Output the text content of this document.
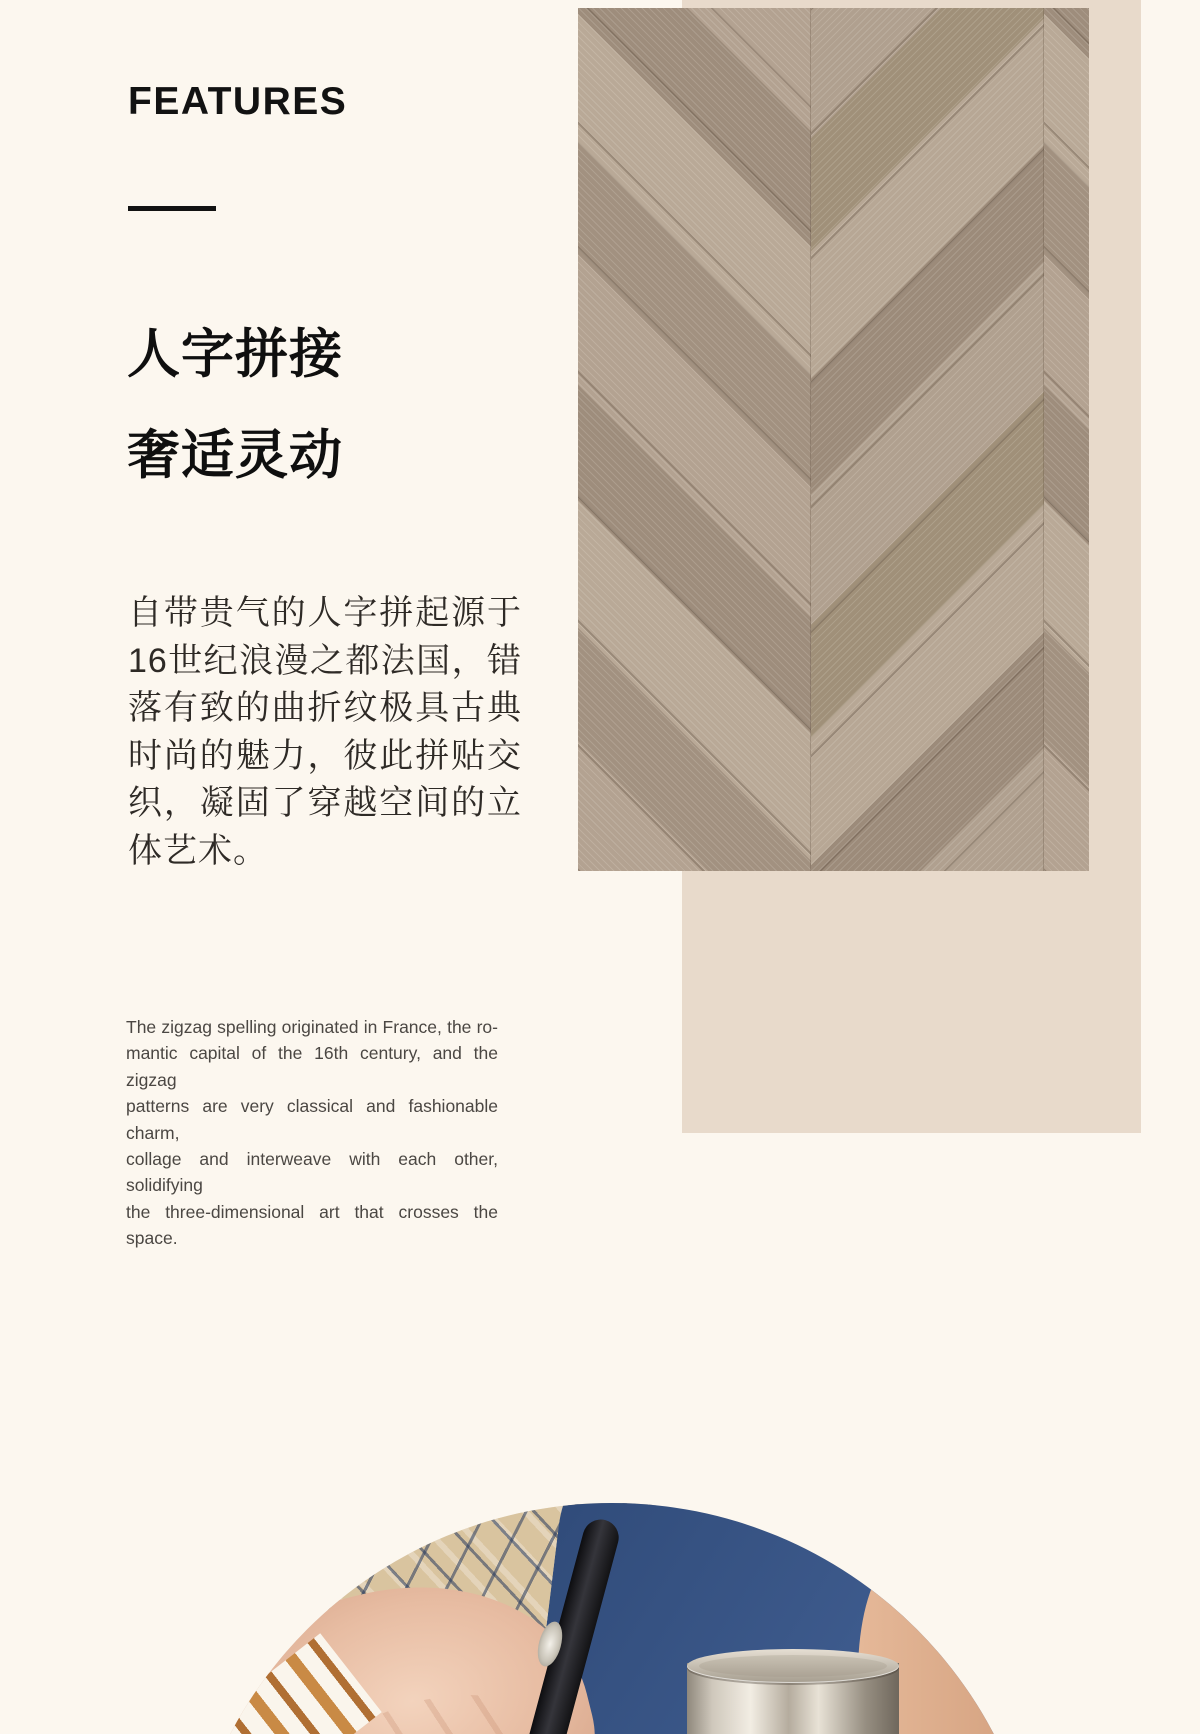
FEATURES
人字拼接
奢适灵动
自带贵气的人字拼起源于
16世纪浪漫之都法国，错
落有致的曲折纹极具古典
时尚的魅力，彼此拼贴交
织，凝固了穿越空间的立
体艺术。
The zigzag spelling originated in France, the ro-
mantic capital of the 16th century, and the zigzag
patterns are very classical and fashionable charm,
collage and interweave with each other, solidifying
the three-dimensional art that crosses the space.
